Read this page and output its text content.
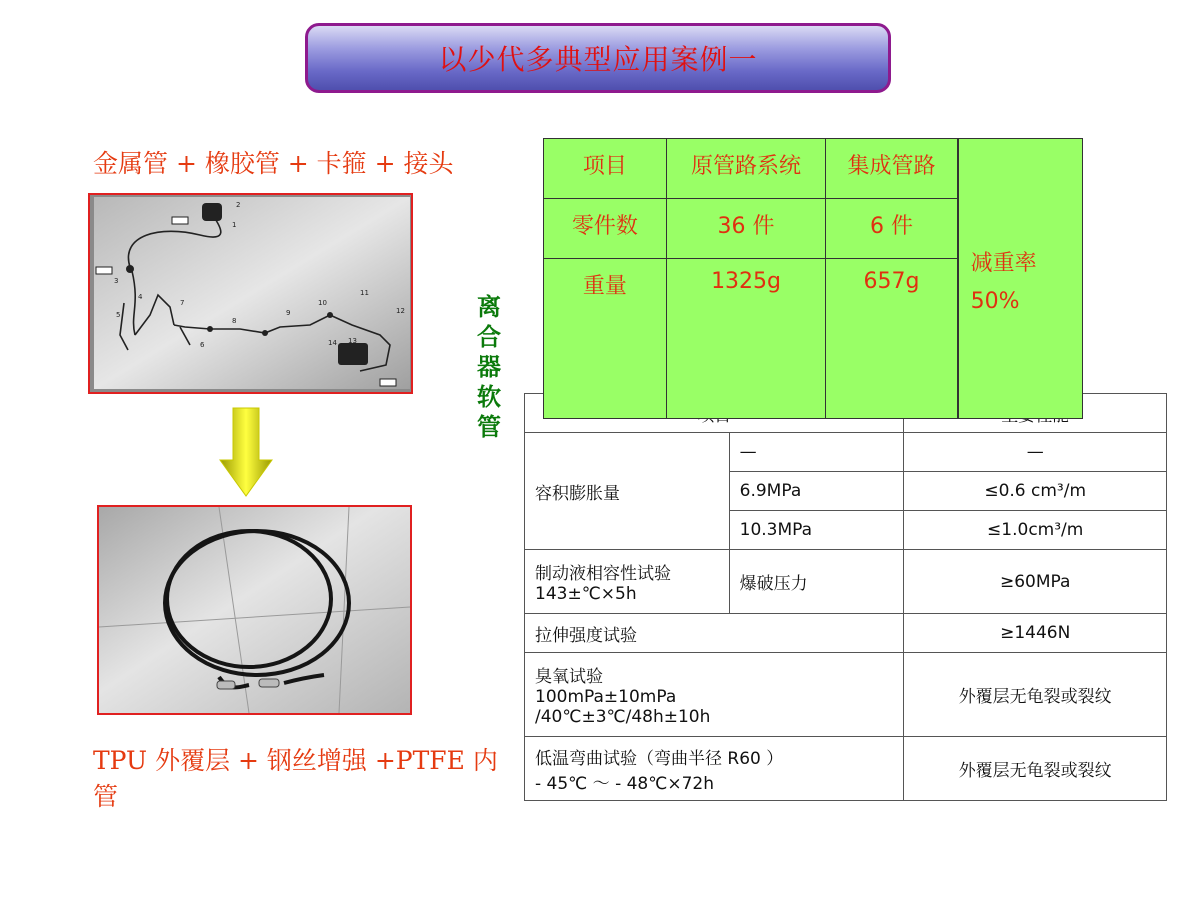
以少代多典型应用案例一
金属管 + 橡胶管 + 卡箍 + 接头
1
2
3
4
5
6
7
8
9
10
11
12
13
14
TPU 外覆层 + 钢丝增强 +PTFE 内管
离
合
器
软
管

容积膨胀量	—	—
	6.9MPa	≤0.6 cm³/m
	10.3MPa	≤1.0cm³/m

制动液相容性试验
143±℃×5h	爆破压力	≥60MPa
拉伸强度试验		≥1446N

臭氧试验
100mPa±10mPa
/40℃±3℃/48h±10h		外覆层无龟裂或裂纹

低温弯曲试验（弯曲半径 R60 ）
- 45℃ ～ - 48℃×72h		外覆层无龟裂或裂纹
项目	原管路系统	集成管路	减重率
50%

零件数	36 件	6 件	
重量	1325g	657g	
